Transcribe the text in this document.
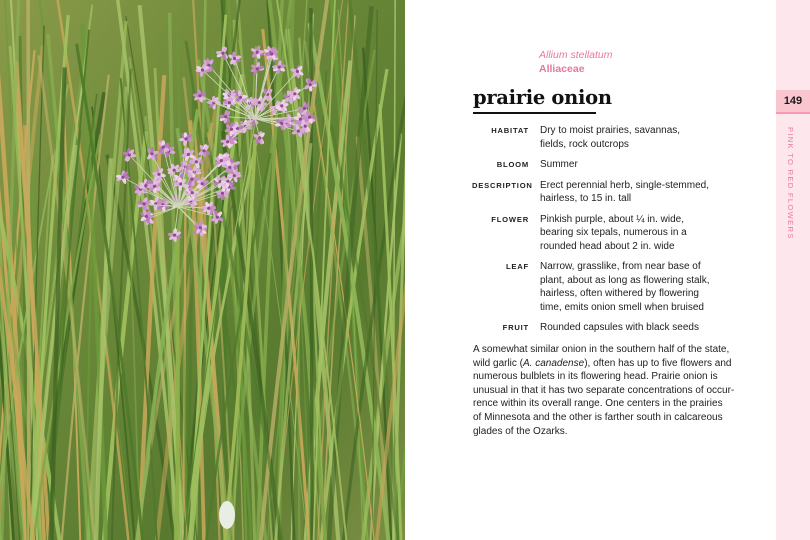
Allium stellatum
Alliaceae
prairie onion
HABITAT Dry to moist prairies, savannas,
fields, rock outcrops
BLOOM Summer
DESCRIPTION Erect perennial herb, single-stemmed,
hairless, to 15 in. tall
FLOWER Pinkish purple, about ¼ in. wide,
bearing six tepals, numerous in a
rounded head about 2 in. wide
LEAF Narrow, grasslike, from near base of
plant, about as long as flowering stalk,
hairless, often withered by flowering
time, emits onion smell when bruised
FRUIT Rounded capsules with black seeds
A somewhat similar onion in the southern half of the state,
wild garlic (A. canadense), often has up to five flowers and
numerous bulblets in its flowering head. Prairie onion is
unusual in that it has two separate concentrations of occur-
rence within its overall range. One centers in the prairies
of Minnesota and the other is farther south in calcareous
glades of the Ozarks.
149
PINK TO RED FLOWERS
